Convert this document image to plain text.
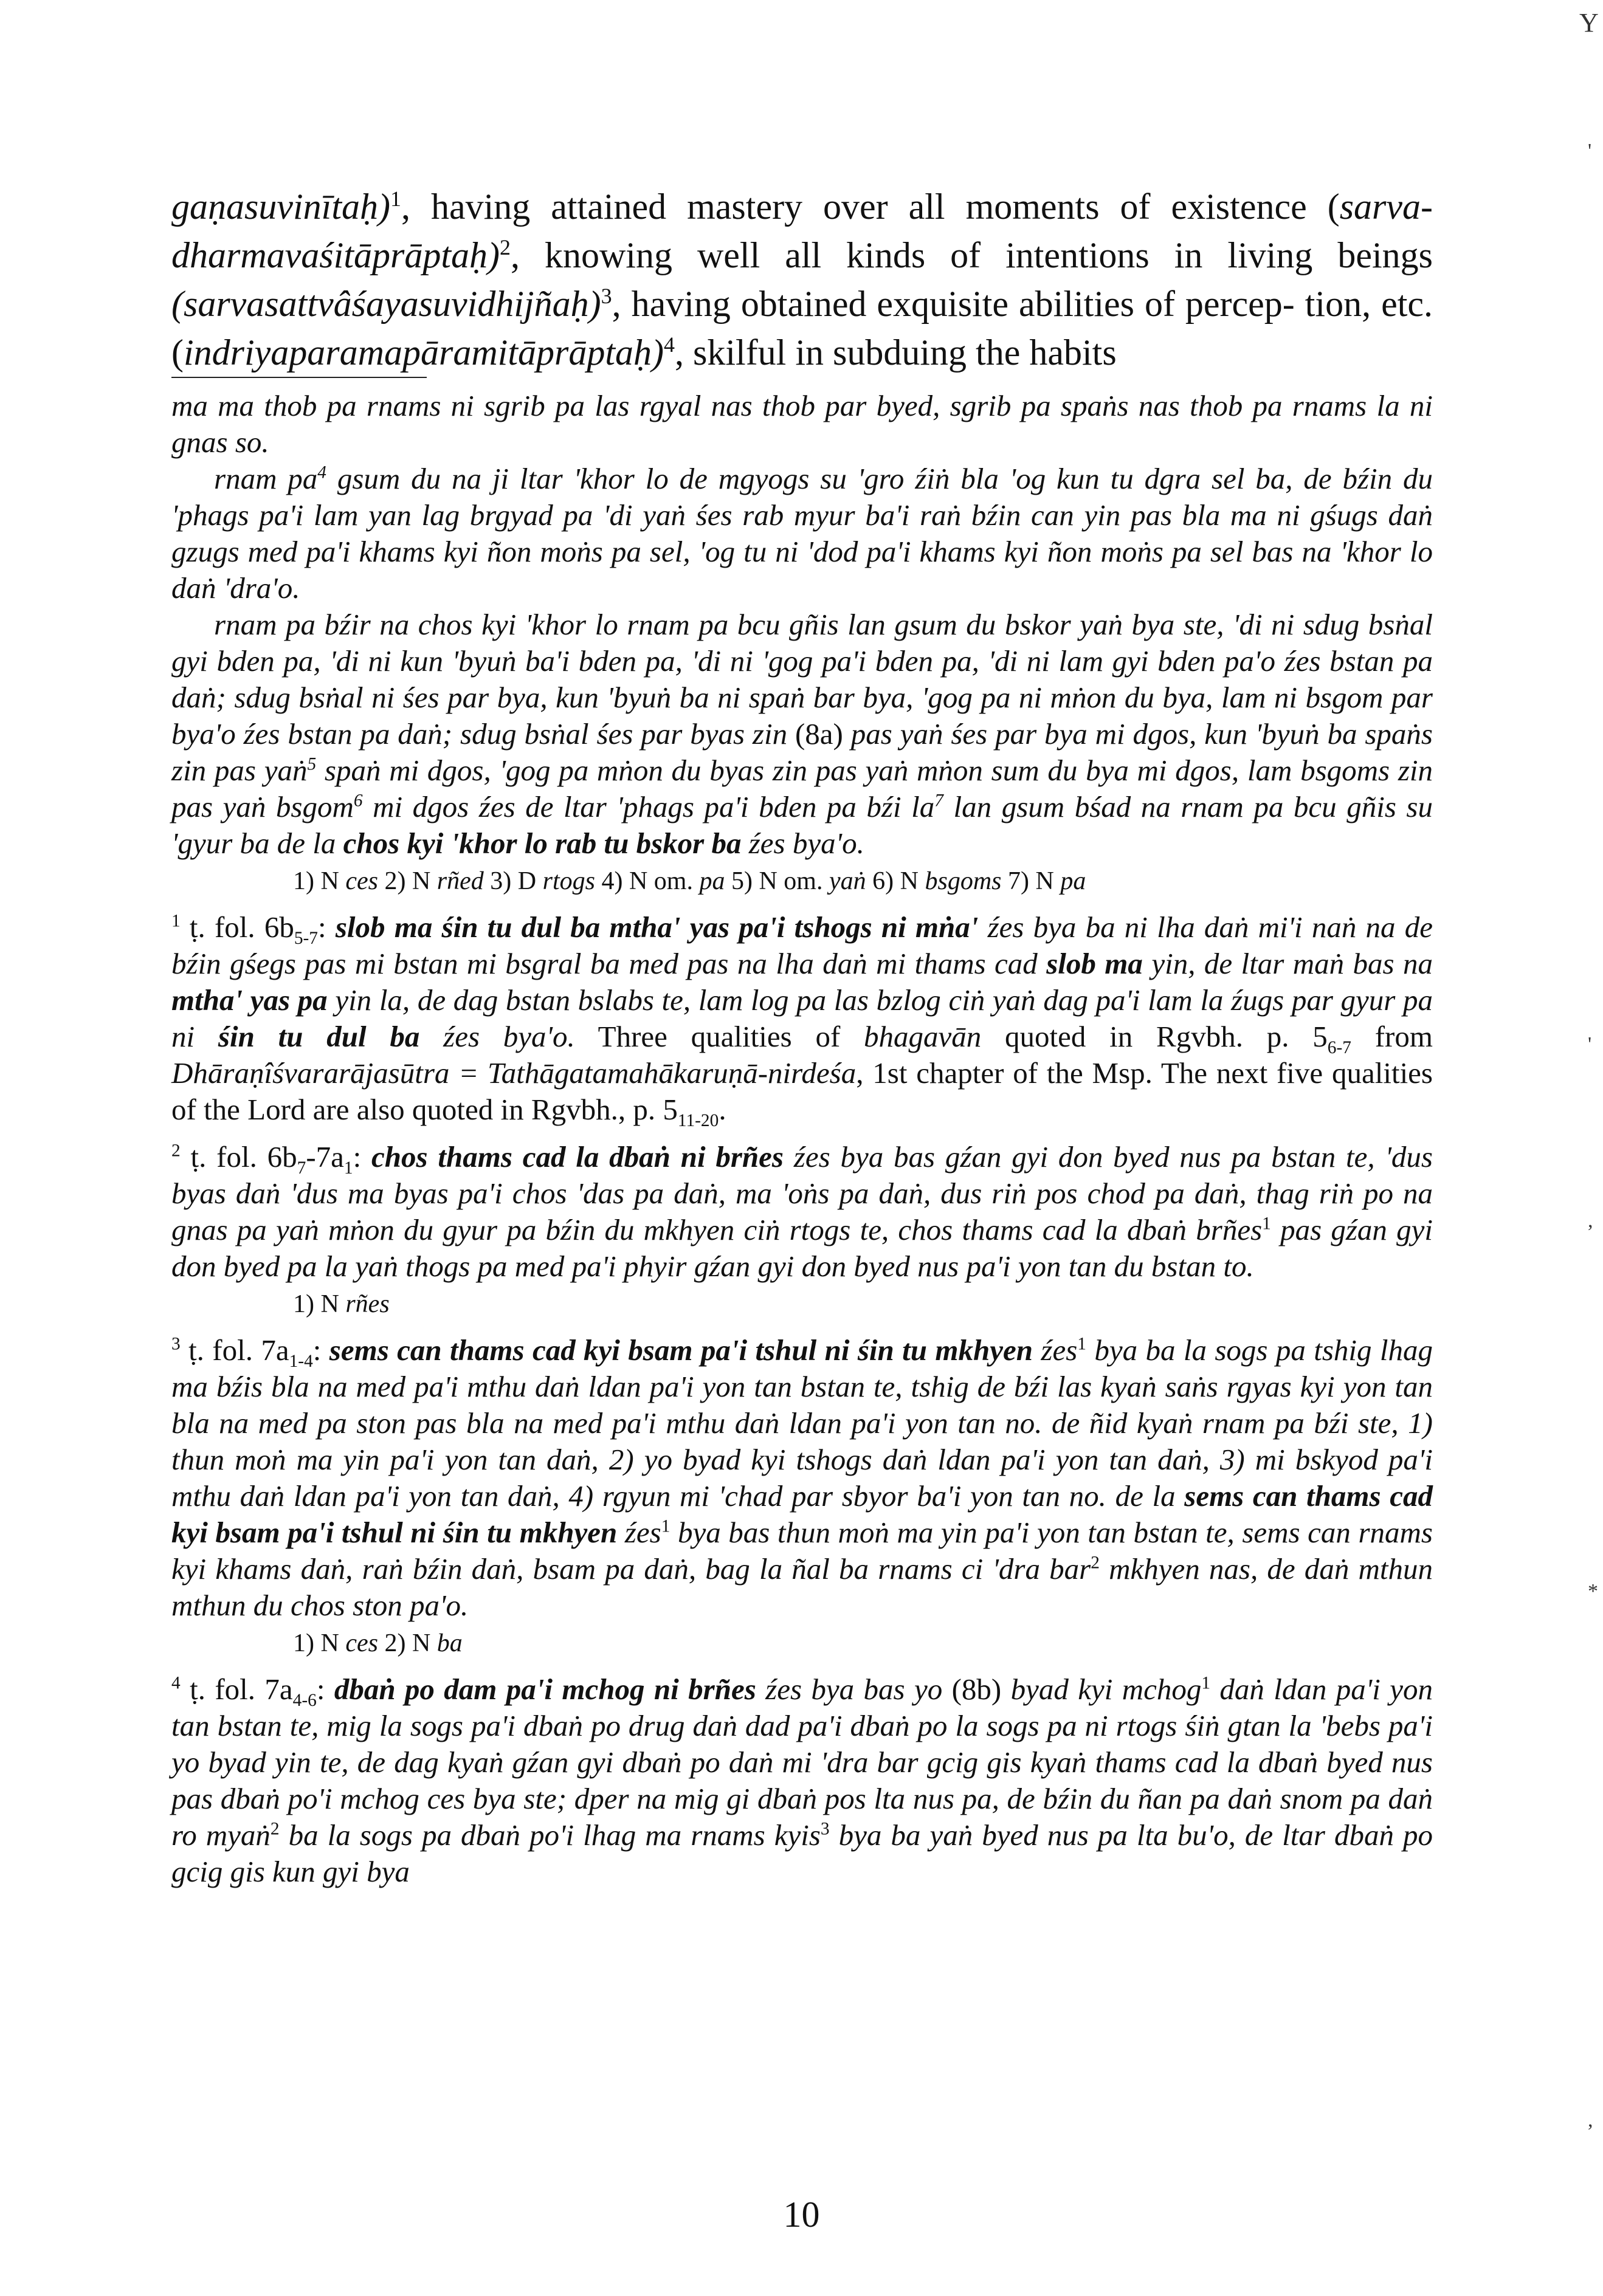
Y
'
'
,
*
,

gaṇasuvinītaḥ)$^1$, having attained mastery over all moments of existence (sarva- dharmavaśitāprāptaḥ)$^2$, knowing well all kinds of intentions in living beings (sarvasattvâśayasuvidhijñaḥ)$^3$, having obtained exquisite abilities of percep- tion, etc. (indriyaparamapāramitāprāptaḥ)$^4$, skilful in subduing the habits

ma ma thob pa rnams ni sgrib pa las rgyal nas thob par byed, sgrib pa spaṅs nas thob pa rnams la ni gnas so.

rnam $pa^4$ gsum du na ji ltar 'khor lo de mgyogs su 'gro źiṅ bla 'og kun tu dgra sel ba, de bźin du 'phags pa'i lam yan lag brgyad pa 'di yaṅ śes rab myur ba'i raṅ bźin can yin pas bla ma ni gśugs daṅ gzugs med pa'i khams kyi ñon moṅs pa sel, 'og tu ni 'dod pa'i khams kyi ñon moṅs pa sel bas na 'khor lo daṅ 'dra'o.

rnam pa bźir na chos kyi 'khor lo rnam pa bcu gñis lan gsum du bskor yaṅ bya ste, 'di ni sdug bsṅal gyi bden pa, 'di ni kun 'byuṅ ba'i bden pa, 'di ni 'gog pa'i bden pa, 'di ni lam gyi bden pa'o źes bstan pa daṅ; sdug bsṅal ni śes par bya, kun 'byuṅ ba ni spaṅ bar bya, 'gog pa ni mṅon du bya, lam ni bsgom par bya'o źes bstan pa daṅ; sdug bsṅal śes par byas zin (8a) pas yaṅ śes par bya mi dgos, kun 'byuṅ ba spaṅs zin pas yaṅ$^5$ spaṅ mi dgos, 'gog pa mṅon du byas zin pas yaṅ mṅon sum du bya mi dgos, lam bsgoms zin pas yaṅ bsgom$^6$ mi dgos źes de ltar 'phags pa'i bden pa bźi $la^7$ lan gsum bśad na rnam pa bcu gñis su 'gyur ba de la chos kyi 'khor lo rab tu bskor ba źes bya'o.

1) N ces 2) N rñed 3) D rtogs 4) N om. pa 5) N om. yaṅ 6) N bsgoms 7) N pa

$^1$ ṭ. fol. $6b_{5-7}$: slob ma śin tu dul ba mtha' yas pa'i tshogs ni mṅa' źes bya ba ni lha daṅ mi'i naṅ na de bźin gśegs pas mi bstan mi bsgral ba med pas na lha daṅ mi thams cad slob ma yin, de ltar maṅ bas na mtha' yas pa yin la, de dag bstan bslabs te, lam log pa las bzlog ciṅ yaṅ dag pa'i lam la źugs par gyur pa ni śin tu dul ba źes bya'o. Three qualities of bhagavān quoted in Rgvbh. p. $5_{6-7}$ from Dhāraṇîśvararājasūtra = Tathāgatamahākaruṇā-nirdeśa, 1st chapter of the Msp. The next five qualities of the Lord are also quoted in Rgvbh., p. $5_{11-20}$.

$^2$ ṭ. fol. $6b_7-7a_1$: chos thams cad la dbaṅ ni brñes źes bya bas gźan gyi don byed nus pa bstan te, 'dus byas daṅ 'dus ma byas pa'i chos 'das pa daṅ, ma 'oṅs pa daṅ, dus riṅ pos chod pa daṅ, thag riṅ po na gnas pa yaṅ mṅon du gyur pa bźin du mkhyen ciṅ rtogs te, chos thams cad la dbaṅ brñes$^1$ pas gźan gyi don byed pa la yaṅ thogs pa med pa'i phyir gźan gyi don byed nus pa'i yon tan du bstan to.

1) N rñes

$^3$ ṭ. fol. $7a_{1-4}$: sems can thams cad kyi bsam pa'i tshul ni śin tu mkhyen źes$^1$ bya ba la sogs pa tshig lhag ma bźis bla na med pa'i mthu daṅ ldan pa'i yon tan bstan te, tshig de bźi las kyaṅ saṅs rgyas kyi yon tan bla na med pa ston pas bla na med pa'i mthu daṅ ldan pa'i yon tan no. de ñid kyaṅ rnam pa bźi ste, 1) thun moṅ ma yin pa'i yon tan daṅ, 2) yo byad kyi tshogs daṅ ldan pa'i yon tan daṅ, 3) mi bskyod pa'i mthu daṅ ldan pa'i yon tan daṅ, 4) rgyun mi 'chad par sbyor ba'i yon tan no. de la sems can thams cad kyi bsam pa'i tshul ni śin tu mkhyen źes$^1$ bya bas thun moṅ ma yin pa'i yon tan bstan te, sems can rnams kyi khams daṅ, raṅ bźin daṅ, bsam pa daṅ, bag la ñal ba rnams ci 'dra bar$^2$ mkhyen nas, de daṅ mthun mthun du chos ston pa'o.

1) N ces 2) N ba

$^4$ ṭ. fol. $7a_{4-6}$: dbaṅ po dam pa'i mchog ni brñes źes bya bas yo (8b) byad kyi mchog$^1$ daṅ ldan pa'i yon tan bstan te, mig la sogs pa'i dbaṅ po drug daṅ dad pa'i dbaṅ po la sogs pa ni rtogs śiṅ gtan la 'bebs pa'i yo byad yin te, de dag kyaṅ gźan gyi dbaṅ po daṅ mi 'dra bar gcig gis kyaṅ thams cad la dbaṅ byed nus pas dbaṅ po'i mchog ces bya ste; dper na mig gi dbaṅ pos lta nus pa, de bźin du ñan pa daṅ snom pa daṅ ro myaṅ$^2$ ba la sogs pa dbaṅ po'i lhag ma rnams kyis$^3$ bya ba yaṅ byed nus pa lta bu'o, de ltar dbaṅ po gcig gis kun gyi bya

10
